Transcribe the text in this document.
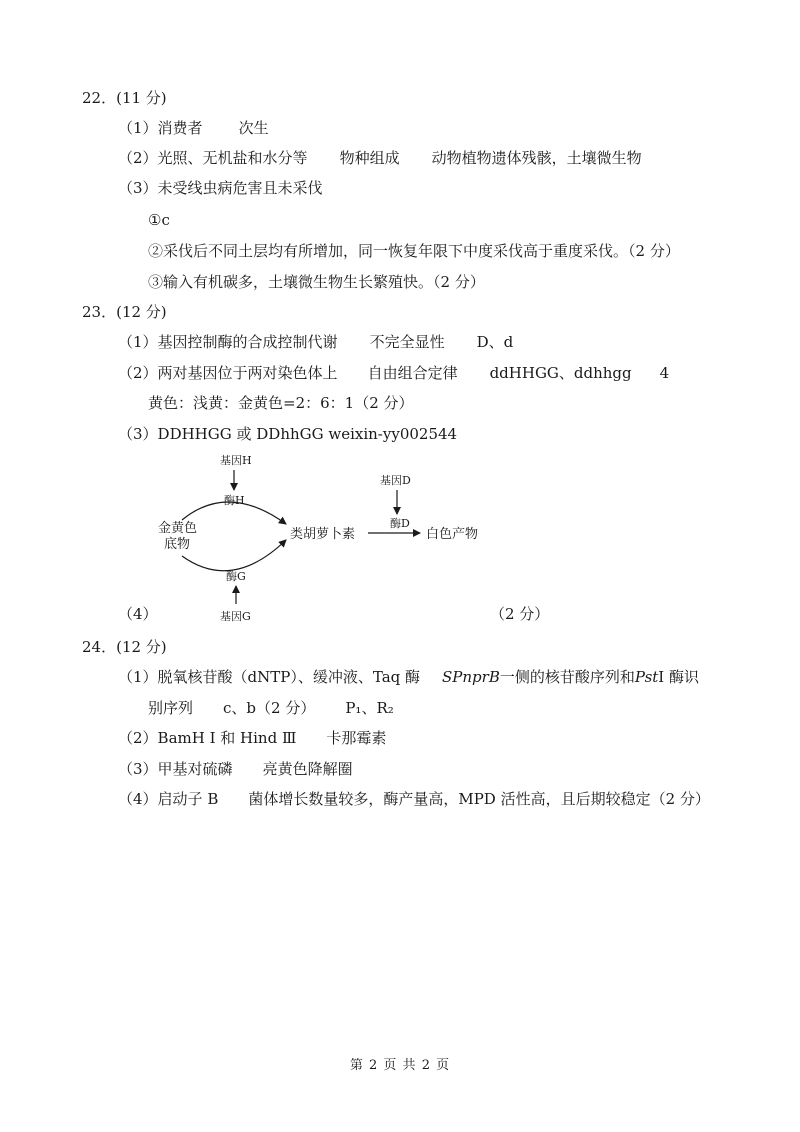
22．(11 分)
（1）消费者 次生
（2）光照、无机盐和水分等 物种组成 动物植物遗体残骸，土壤微生物
（3）未受线虫病危害且未采伐
①c
②采伐后不同土层均有所增加，同一恢复年限下中度采伐高于重度采伐。（2 分）
③输入有机碳多，土壤微生物生长繁殖快。（2 分）
23．(12 分)
（1）基因控制酶的合成控制代谢 不完全显性 D、d
（2）两对基因位于两对染色体上 自由组合定律 ddHHGG、ddhhgg 4
黄色：浅黄：金黄色=2：6：1（2 分）
（3）DDHHGG 或 DDhhGG weixin-yy002544
基因H
酶H
金黄色
底物
类胡萝卜素
酶D
白色产物
基因D
酶G
基因G
（4）	（2 分）
24．(12 分)
（1）脱氧核苷酸（dNTP）、缓冲液、Taq 酶 SPnprB一侧的核苷酸序列和PstI 酶识
别序列 c、b（2 分） P₁、R₂
（2）BamH I 和 Hind Ⅲ 卡那霉素
（3）甲基对硫磷 亮黄色降解圈
（4）启动子 B 菌体增长数量较多，酶产量高，MPD 活性高，且后期较稳定（2 分）
第 2 页 共 2 页
